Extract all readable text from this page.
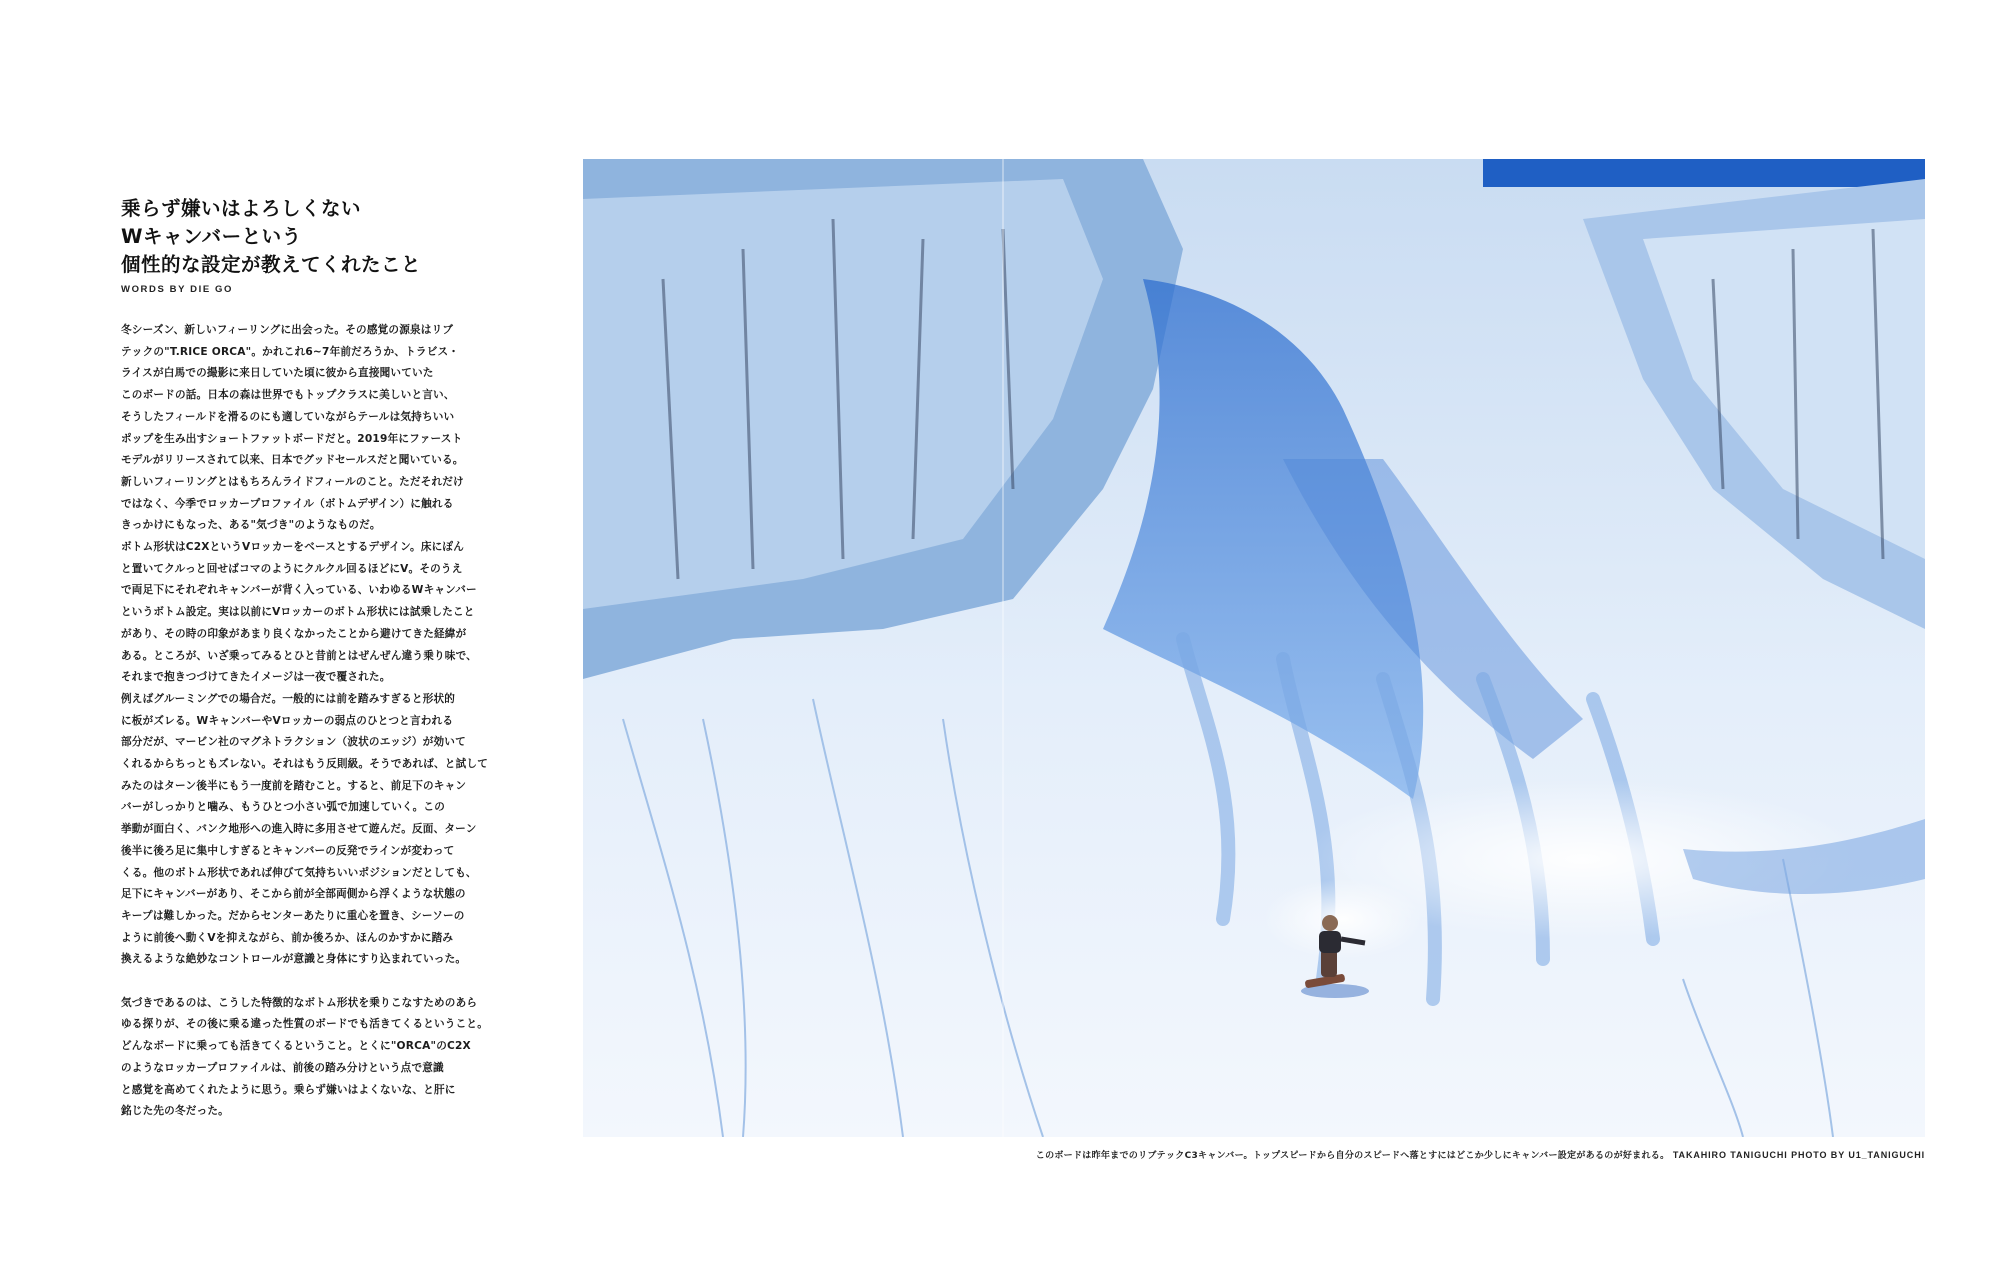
乗らず嫌いはよろしくない
Wキャンバーという
個性的な設定が教えてくれたこと
WORDS BY DIE GO

冬シーズン、新しいフィーリングに出会った。その感覚の源泉はリブ

テックの"T.RICE ORCA"。かれこれ6~7年前だろうか、トラビス・

ライスが白馬での撮影に来日していた頃に彼から直接聞いていた

このボードの話。日本の森は世界でもトップクラスに美しいと言い、

そうしたフィールドを滑るのにも適していながらテールは気持ちいい

ポップを生み出すショートファットボードだと。2019年にファースト

モデルがリリースされて以来、日本でグッドセールスだと聞いている。

新しいフィーリングとはもちろんライドフィールのこと。ただそれだけ

ではなく、今季でロッカープロファイル（ボトムデザイン）に触れる

きっかけにもなった、ある"気づき"のようなものだ。

ボトム形状はC2XというVロッカーをベースとするデザイン。床にぽん

と置いてクルっと回せばコマのようにクルクル回るほどにV。そのうえ

で両足下にそれぞれキャンバーが背く入っている、いわゆるWキャンバー

というボトム設定。実は以前にVロッカーのボトム形状には試乗したこと

があり、その時の印象があまり良くなかったことから避けてきた経緯が

ある。ところが、いざ乗ってみるとひと昔前とはぜんぜん違う乗り味で、

それまで抱きつづけてきたイメージは一夜で覆された。

例えばグルーミングでの場合だ。一般的には前を踏みすぎると形状的

に板がズレる。WキャンバーやVロッカーの弱点のひとつと言われる

部分だが、マービン社のマグネトラクション（波状のエッジ）が効いて

くれるからちっともズレない。それはもう反則級。そうであれば、と試して

みたのはターン後半にもう一度前を踏むこと。すると、前足下のキャン

バーがしっかりと噛み、もうひとつ小さい弧で加速していく。この

挙動が面白く、バンク地形への進入時に多用させて遊んだ。反面、ターン

後半に後ろ足に集中しすぎるとキャンバーの反発でラインが変わって

くる。他のボトム形状であれば伸びて気持ちいいポジションだとしても、

足下にキャンバーがあり、そこから前が全部両側から浮くような状態の

キープは難しかった。だからセンターあたりに重心を置き、シーソーの

ように前後へ動くVを抑えながら、前か後ろか、ほんのかすかに踏み

換えるような絶妙なコントロールが意識と身体にすり込まれていった。

気づきであるのは、こうした特徴的なボトム形状を乗りこなすためのあら

ゆる探りが、その後に乗る違った性質のボードでも活きてくるということ。

どんなボードに乗っても活きてくるということ。とくに"ORCA"のC2X

のようなロッカープロファイルは、前後の踏み分けという点で意識

と感覚を高めてくれたように思う。乗らず嫌いはよくないな、と肝に

銘じた先の冬だった。

このボードは昨年までのリブテックC3キャンバー。トップスピードから自分のスピードへ落とすにはどこか少しにキャンバー設定があるのが好まれる。 TAKAHIRO TANIGUCHI PHOTO BY U1_TANIGUCHI
